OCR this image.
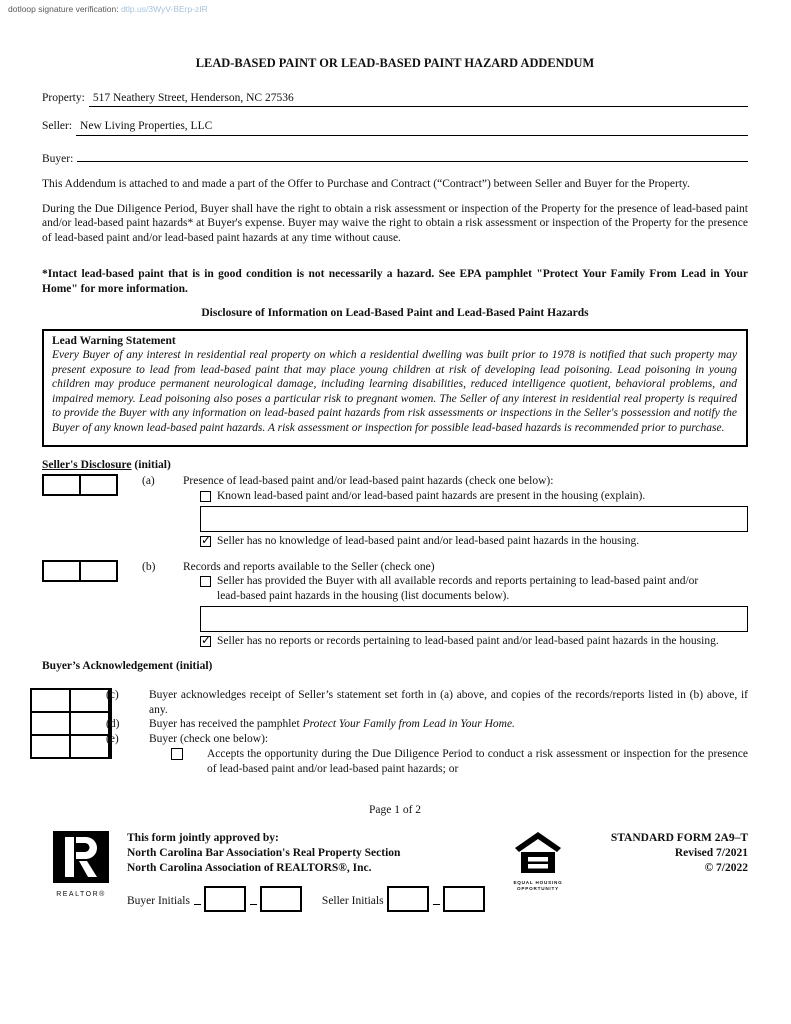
dotloop signature verification: dtlp.us/3WyV-BErp-zIR
LEAD-BASED PAINT OR LEAD-BASED PAINT HAZARD ADDENDUM
Property: 517 Neathery Street, Henderson, NC 27536
Seller: New Living Properties, LLC
Buyer:

This Addendum is attached to and made a part of the Offer to Purchase and Contract (“Contract”) between Seller and Buyer for the Property.

During the Due Diligence Period, Buyer shall have the right to obtain a risk assessment or inspection of the Property for the presence of lead-based paint and/or lead-based paint hazards* at Buyer's expense. Buyer may waive the right to obtain a risk assessment or inspection of the Property for the presence of lead-based paint and/or lead-based paint hazards at any time without cause.

*Intact lead-based paint that is in good condition is not necessarily a hazard. See EPA pamphlet "Protect Your Family From Lead in Your Home" for more information.

Disclosure of Information on Lead-Based Paint and Lead-Based Paint Hazards
Lead Warning Statement
Every Buyer of any interest in residential real property on which a residential dwelling was built prior to 1978 is notified that such property may present exposure to lead from lead-based paint that may place young children at risk of developing lead poisoning. Lead poisoning in young children may produce permanent neurological damage, including learning disabilities, reduced intelligence quotient, behavioral problems, and impaired memory. Lead poisoning also poses a particular risk to pregnant women. The Seller of any interest in residential real property is required to provide the Buyer with any information on lead-based paint hazards from risk assessments or inspections in the Seller's possession and notify the Buyer of any known lead-based paint hazards. A risk assessment or inspection for possible lead-based hazards is recommended prior to purchase.
Seller's Disclosure (initial)
(a)	Presence of lead-based paint and/or lead-based paint hazards (check one below):
Known lead-based paint and/or lead-based paint hazards are present in the housing (explain).
✓
Seller has no knowledge of lead-based paint and/or lead-based paint hazards in the housing.
(b)	Records and reports available to the Seller (check one)
Seller has provided the Buyer with all available records and reports pertaining to lead-based paint and/or lead-based paint hazards in the housing (list documents below).
✓
Seller has no reports or records pertaining to lead-based paint and/or lead-based paint hazards in the housing.
Buyer’s Acknowledgement (initial)
(c)	Buyer acknowledges receipt of Seller’s statement set forth in (a) above, and copies of the records/reports listed in (b) above, if any.
(d)	Buyer has received the pamphlet Protect Your Family from Lead in Your Home.
(e)	Buyer (check one below):
Accepts the opportunity during the Due Diligence Period to conduct a risk assessment or inspection for the presence of lead-based paint and/or lead-based paint hazards; or
Page 1 of 2
REALTOR®
This form jointly approved by:
North Carolina Bar Association's Real Property Section
North Carolina Association of REALTORS®, Inc.
Buyer Initials	Seller Initials
EQUAL HOUSING
OPPORTUNITY
STANDARD FORM 2A9–T
Revised 7/2021
© 7/2022
